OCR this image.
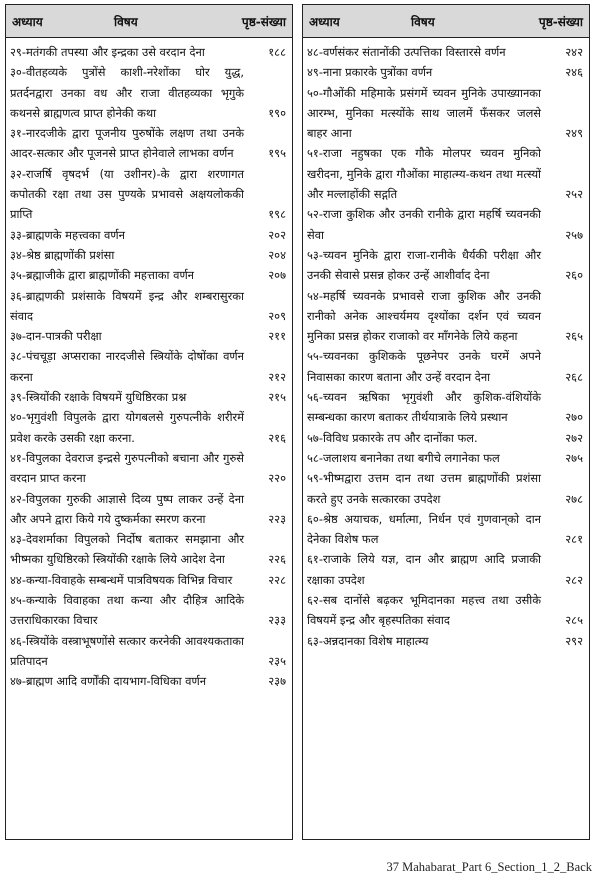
अध्याय	विषय	पृष्ठ-संख्या
२९-मतंगकी तपस्या और इन्द्रका उसे वरदान देना	१८८
३०-वीतहव्यके पुत्रोंसे काशी-नरेशोंका घोर युद्ध, प्रतर्दनद्वारा उनका वध और राजा वीतहव्यका भृगुके कथनसे ब्राह्मणत्व प्राप्त होनेकी कथा	१९०
३१-नारदजीके द्वारा पूजनीय पुरुषोंके लक्षण तथा उनके आदर-सत्कार और पूजनसे प्राप्त होनेवाले लाभका वर्णन	१९५
३२-राजर्षि वृषदर्भ (या उशीनर)-के द्वारा शरणागत कपोतकी रक्षा तथा उस पुण्यके प्रभावसे अक्षयलोककी प्राप्ति	१९८
३३-ब्राह्मणके महत्त्वका वर्णन	२०२
३४-श्रेष्ठ ब्राह्मणोंकी प्रशंसा	२०४
३५-ब्रह्माजीके द्वारा ब्राह्मणोंकी महत्ताका वर्णन	२०७
३६-ब्राह्मणकी प्रशंसाके विषयमें इन्द्र और शम्बरासुरका संवाद	२०९
३७-दान-पात्रकी परीक्षा	२११
३८-पंचचूड़ा अप्सराका नारदजीसे स्त्रियोंके दोषोंका वर्णन करना	२१२
३९-स्त्रियोंकी रक्षाके विषयमें युधिष्ठिरका प्रश्न	२१५
४०-भृगुवंशी विपुलके द्वारा योगबलसे गुरुपत्नीके शरीरमें प्रवेश करके उसकी रक्षा करना.	२१६
४१-विपुलका देवराज इन्द्रसे गुरुपत्नीको बचाना और गुरुसे वरदान प्राप्त करना	२२०
४२-विपुलका गुरुकी आज्ञासे दिव्य पुष्प लाकर उन्हें देना और अपने द्वारा किये गये दुष्कर्मका स्मरण करना	२२३
४३-देवशर्माका विपुलको निर्दोष बताकर समझाना और भीष्मका युधिष्ठिरको स्त्रियोंकी रक्षाके लिये आदेश देना	२२६
४४-कन्या-विवाहके सम्बन्धमें पात्रविषयक विभिन्न विचार	२२८
४५-कन्याके विवाहका तथा कन्या और दौहित्र आदिके उत्तराधिकारका विचार	२३३
४६-स्त्रियोंके वस्त्राभूषणोंसे सत्कार करनेकी आवश्यकताका प्रतिपादन	२३५
४७-ब्राह्मण आदि वर्णोंकी दायभाग-विधिका वर्णन	२३७
अध्याय	विषय	पृष्ठ-संख्या
४८-वर्णसंकर संतानोंकी उत्पत्तिका विस्तारसे वर्णन	२४२
४९-नाना प्रकारके पुत्रोंका वर्णन	२४६
५०-गौओंकी महिमाके प्रसंगमें च्यवन मुनिके उपाख्यानका आरम्भ, मुनिका मत्स्योंके साथ जालमें फँसकर जलसे बाहर आना	२४९
५१-राजा नहुषका एक गौके मोलपर च्यवन मुनिको खरीदना, मुनिके द्वारा गौओंका माहात्म्य-कथन तथा मत्स्यों और मल्लाहोंकी सद्गति	२५२
५२-राजा कुशिक और उनकी रानीके द्वारा महर्षि च्यवनकी सेवा	२५७
५३-च्यवन मुनिके द्वारा राजा-रानीके धैर्यकी परीक्षा और उनकी सेवासे प्रसन्न होकर उन्हें आशीर्वाद देना	२६०
५४-महर्षि च्यवनके प्रभावसे राजा कुशिक और उनकी रानीको अनेक आश्चर्यमय दृश्योंका दर्शन एवं च्यवन मुनिका प्रसन्न होकर राजाको वर माँगनेके लिये कहना	२६५
५५-च्यवनका कुशिकके पूछनेपर उनके घरमें अपने निवासका कारण बताना और उन्हें वरदान देना	२६८
५६-च्यवन ऋषिका भृगुवंशी और कुशिक-वंशियोंके सम्बन्धका कारण बताकर तीर्थयात्राके लिये प्रस्थान	२७०
५७-विविध प्रकारके तप और दानोंका फल.	२७२
५८-जलाशय बनानेका तथा बगीचे लगानेका फल	२७५
५९-भीष्मद्वारा उत्तम दान तथा उत्तम ब्राह्मणोंकी प्रशंसा करते हुए उनके सत्कारका उपदेश	२७८
६०-श्रेष्ठ अयाचक, धर्मात्मा, निर्धन एवं गुणवान्‌को दान देनेका विशेष फल	२८१
६१-राजाके लिये यज्ञ, दान और ब्राह्मण आदि प्रजाकी रक्षाका उपदेश	२८२
६२-सब दानोंसे बढ़कर भूमिदानका महत्त्व तथा उसीके विषयमें इन्द्र और बृहस्पतिका संवाद	२८५
६३-अन्नदानका विशेष माहात्म्य	२९२
37 Mahabarat_Part 6_Section_1_2_Back
